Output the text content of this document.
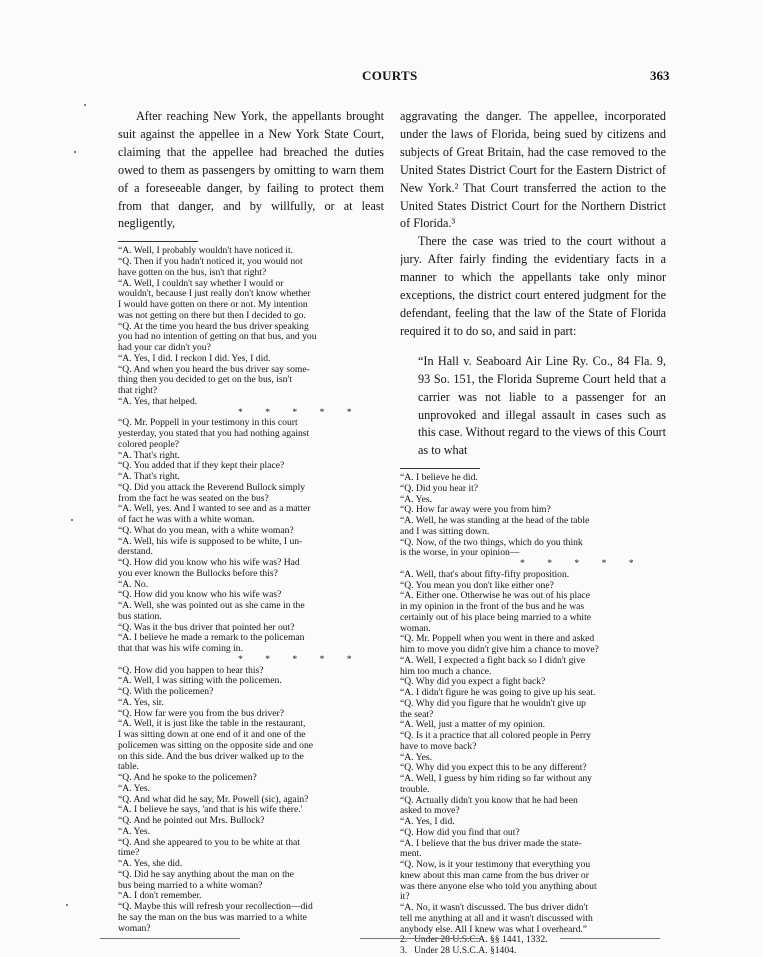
COURTS	363

After reaching New York, the appellants brought suit against the appellee in a New York State Court, claiming that the appellee had breached the duties owed to them as passengers by omitting to warn them of a foreseeable danger, by failing to protect them from that danger, and by willfully, or at least negligently,

“A. Well, I probably wouldn't have noticed it.

“Q. Then if you hadn't noticed it, you would not

have gotten on the bus, isn't that right?

“A. Well, I couldn't say whether I would or

wouldn't, because I just really don't know whether

I would have gotten on there or not. My intention

was not getting on there but then I decided to go.

“Q. At the time you heard the bus driver speaking

you had no intention of getting on that bus, and you

had your car didn't you?

“A. Yes, I did. I reckon I did. Yes, I did.

“Q. And when you heard the bus driver say some-

thing then you decided to get on the bus, isn't

that right?

“A. Yes, that helped.

* * * * *

“Q. Mr. Poppell in your testimony in this court

yesterday, you stated that you had nothing against

colored people?

“A. That's right.

“Q. You added that if they kept their place?

“A. That's right.

“Q. Did you attack the Reverend Bullock simply

from the fact he was seated on the bus?

“A. Well, yes. And I wanted to see and as a matter

of fact he was with a white woman.

“Q. What do you mean, with a white woman?

“A. Well, his wife is supposed to be white, I un-

derstand.

“Q. How did you know who his wife was? Had

you ever known the Bullocks before this?

“A. No.

“Q. How did you know who his wife was?

“A. Well, she was pointed out as she came in the

bus station.

“Q. Was it the bus driver that pointed her out?

“A. I believe he made a remark to the policeman

that that was his wife coming in.

* * * * *

“Q. How did you happen to hear this?

“A. Well, I was sitting with the policemen.

“Q. With the policemen?

“A. Yes, sir.

“Q. How far were you from the bus driver?

“A. Well, it is just like the table in the restaurant,

I was sitting down at one end of it and one of the

policemen was sitting on the opposite side and one

on this side. And the bus driver walked up to the

table.

“Q. And he spoke to the policemen?

“A. Yes.

“Q. And what did he say, Mr. Powell (sic), again?

“A. I believe he says, 'and that is his wife there.'

“Q. And he pointed out Mrs. Bullock?

“A. Yes.

“Q. And she appeared to you to be white at that

time?

“A. Yes, she did.

“Q. Did he say anything about the man on the

bus being married to a white woman?

“A. I don't remember.

“Q. Maybe this will refresh your recollection—did

he say the man on the bus was married to a white

woman?

aggravating the danger. The appellee, incorporated under the laws of Florida, being sued by citizens and subjects of Great Britain, had the case removed to the United States District Court for the Eastern District of New York.² That Court transferred the action to the United States District Court for the Northern District of Florida.³

There the case was tried to the court without a jury. After fairly finding the evidentiary facts in a manner to which the appellants take only minor exceptions, the district court entered judgment for the defendant, feeling that the law of the State of Florida required it to do so, and said in part:

“In Hall v. Seaboard Air Line Ry. Co., 84 Fla. 9, 93 So. 151, the Florida Supreme Court held that a carrier was not liable to a passenger for an unprovoked and illegal assault in cases such as this case. Without regard to the views of this Court as to what

“A. I believe he did.

“Q. Did you hear it?

“A. Yes.

“Q. How far away were you from him?

“A. Well, he was standing at the head of the table

and I was sitting down.

“Q. Now, of the two things, which do you think

is the worse, in your opinion—

* * * * *

“A. Well, that's about fifty-fifty proposition.

“Q. You mean you don't like either one?

“A. Either one. Otherwise he was out of his place

in my opinion in the front of the bus and he was

certainly out of his place being married to a white

woman.

“Q. Mr. Poppell when you went in there and asked

him to move you didn't give him a chance to move?

“A. Well, I expected a fight back so I didn't give

him too much a chance.

“Q. Why did you expect a fight back?

“A. I didn't figure he was going to give up his seat.

“Q. Why did you figure that he wouldn't give up

the seat?

“A. Well, just a matter of my opinion.

“Q. Is it a practice that all colored people in Perry

have to move back?

“A. Yes.

“Q. Why did you expect this to be any different?

“A. Well, I guess by him riding so far without any

trouble.

“Q. Actually didn't you know that he had been

asked to move?

“A. Yes, I did.

“Q. How did you find that out?

“A. I believe that the bus driver made the state-

ment.

“Q. Now, is it your testimony that everything you

knew about this man came from the bus driver or

was there anyone else who told you anything about

it?

“A. No, it wasn't discussed. The bus driver didn't

tell me anything at all and it wasn't discussed with

anybody else. All I knew was what I overheard.”

2. Under 28 U.S.C.A. §§ 1441, 1332.

3. Under 28 U.S.C.A. §1404.
